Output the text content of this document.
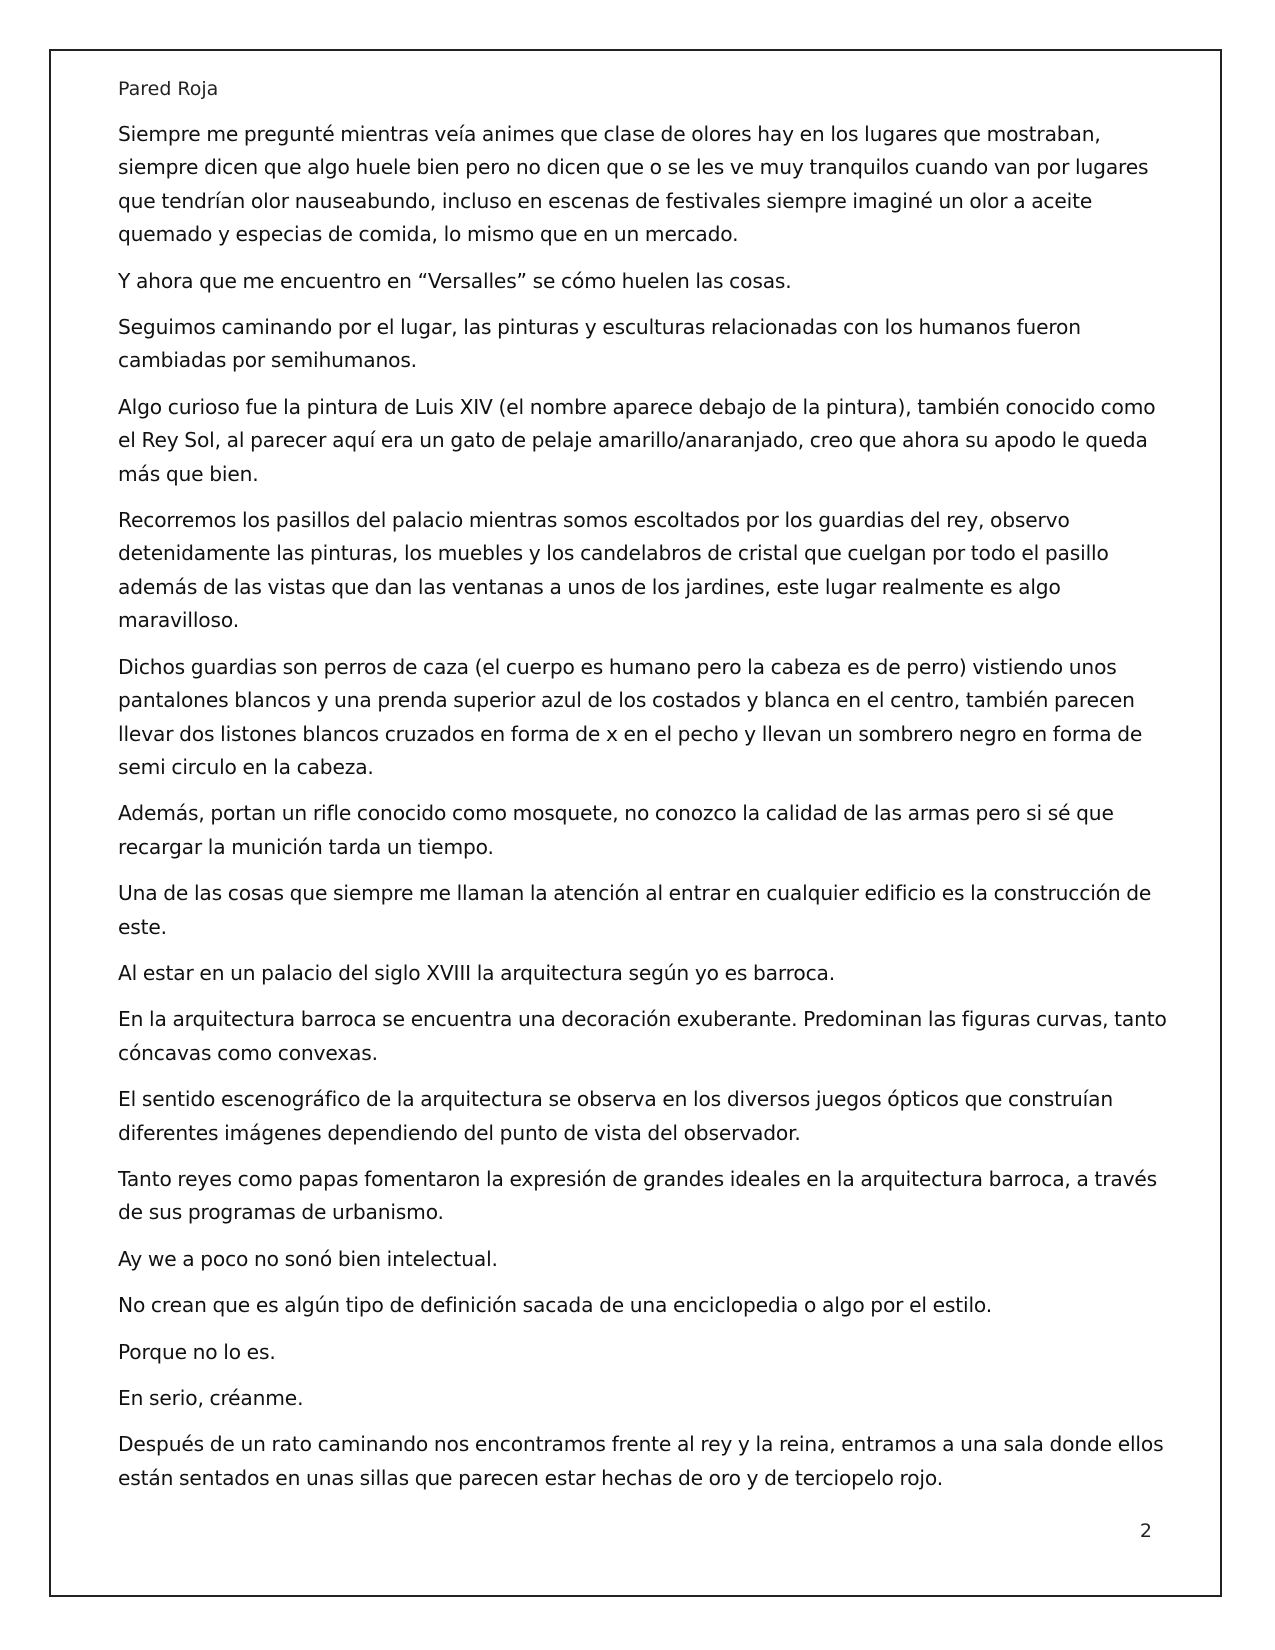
Pared Roja

Siempre me pregunté mientras veía animes que clase de olores hay en los lugares que mostraban, siempre dicen que algo huele bien pero no dicen que o se les ve muy tranquilos cuando van por lugares que tendrían olor nauseabundo, incluso en escenas de festivales siempre imaginé un olor a aceite quemado y especias de comida, lo mismo que en un mercado.

Y ahora que me encuentro en “Versalles” se cómo huelen las cosas.

Seguimos caminando por el lugar, las pinturas y esculturas relacionadas con los humanos fueron cambiadas por semihumanos.

Algo curioso fue la pintura de Luis XIV (el nombre aparece debajo de la pintura), también conocido como el Rey Sol, al parecer aquí era un gato de pelaje amarillo/anaranjado, creo que ahora su apodo le queda más que bien.

Recorremos los pasillos del palacio mientras somos escoltados por los guardias del rey, observo detenidamente las pinturas, los muebles y los candelabros de cristal que cuelgan por todo el pasillo además de las vistas que dan las ventanas a unos de los jardines, este lugar realmente es algo maravilloso.

Dichos guardias son perros de caza (el cuerpo es humano pero la cabeza es de perro) vistiendo unos pantalones blancos y una prenda superior azul de los costados y blanca en el centro, también parecen llevar dos listones blancos cruzados en forma de x en el pecho y llevan un sombrero negro en forma de semi circulo en la cabeza.

Además, portan un rifle conocido como mosquete, no conozco la calidad de las armas pero si sé que recargar la munición tarda un tiempo.

Una de las cosas que siempre me llaman la atención al entrar en cualquier edificio es la construcción de este.

Al estar en un palacio del siglo XVIII la arquitectura según yo es barroca.

En la arquitectura barroca se encuentra una decoración exuberante. Predominan las figuras curvas, tanto cóncavas como convexas.

El sentido escenográfico de la arquitectura se observa en los diversos juegos ópticos que construían diferentes imágenes dependiendo del punto de vista del observador.

Tanto reyes como papas fomentaron la expresión de grandes ideales en la arquitectura barroca, a través de sus programas de urbanismo.

Ay we a poco no sonó bien intelectual.

No crean que es algún tipo de definición sacada de una enciclopedia o algo por el estilo.

Porque no lo es.

En serio, créanme.

Después de un rato caminando nos encontramos frente al rey y la reina, entramos a una sala donde ellos están sentados en unas sillas que parecen estar hechas de oro y de terciopelo rojo.

2
